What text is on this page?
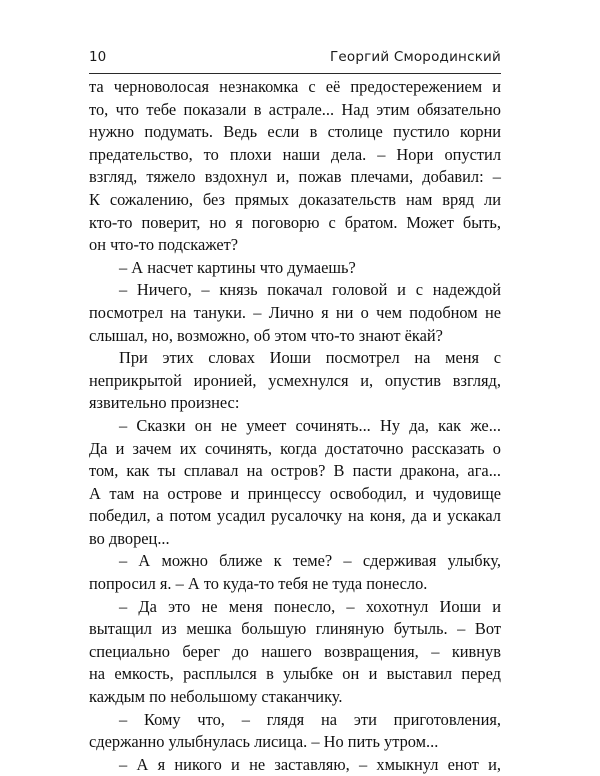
10	Георгий Смородинский
та черноволосая незнакомка с её предостережением и
то, что тебе показали в астрале... Над этим обязательно
нужно подумать. Ведь если в столице пустило корни
предательство, то плохи наши дела. – Нори опустил
взгляд, тяжело вздохнул и, пожав плечами, добавил: –
К сожалению, без прямых доказательств нам вряд ли
кто-то поверит, но я поговорю с братом. Может быть,
он что-то подскажет?
– А насчет картины что думаешь?
– Ничего, – князь покачал головой и с надеждой
посмотрел на тануки. – Лично я ни о чем подобном не
слышал, но, возможно, об этом что-то знают ёкай?
При этих словах Иоши посмотрел на меня с
неприкрытой иронией, усмехнулся и, опустив взгляд,
язвительно произнес:
– Сказки он не умеет сочинять... Ну да, как же...
Да и зачем их сочинять, когда достаточно рассказать о
том, как ты сплавал на остров? В пасти дракона, ага...
А там на острове и принцессу освободил, и чудовище
победил, а потом усадил русалочку на коня, да и ускакал
во дворец...
– А можно ближе к теме? – сдерживая улыбку,
попросил я. – А то куда-то тебя не туда понесло.
– Да это не меня понесло, – хохотнул Иоши и
вытащил из мешка большую глиняную бутыль. – Вот
специально берег до нашего возвращения, – кивнув
на емкость, расплылся в улыбке он и выставил перед
каждым по небольшому стаканчику.
– Кому что, – глядя на эти приготовления,
сдержанно улыбнулась лисица. – Но пить утром...
– А я никого и не заставляю, – хмыкнул енот и,
